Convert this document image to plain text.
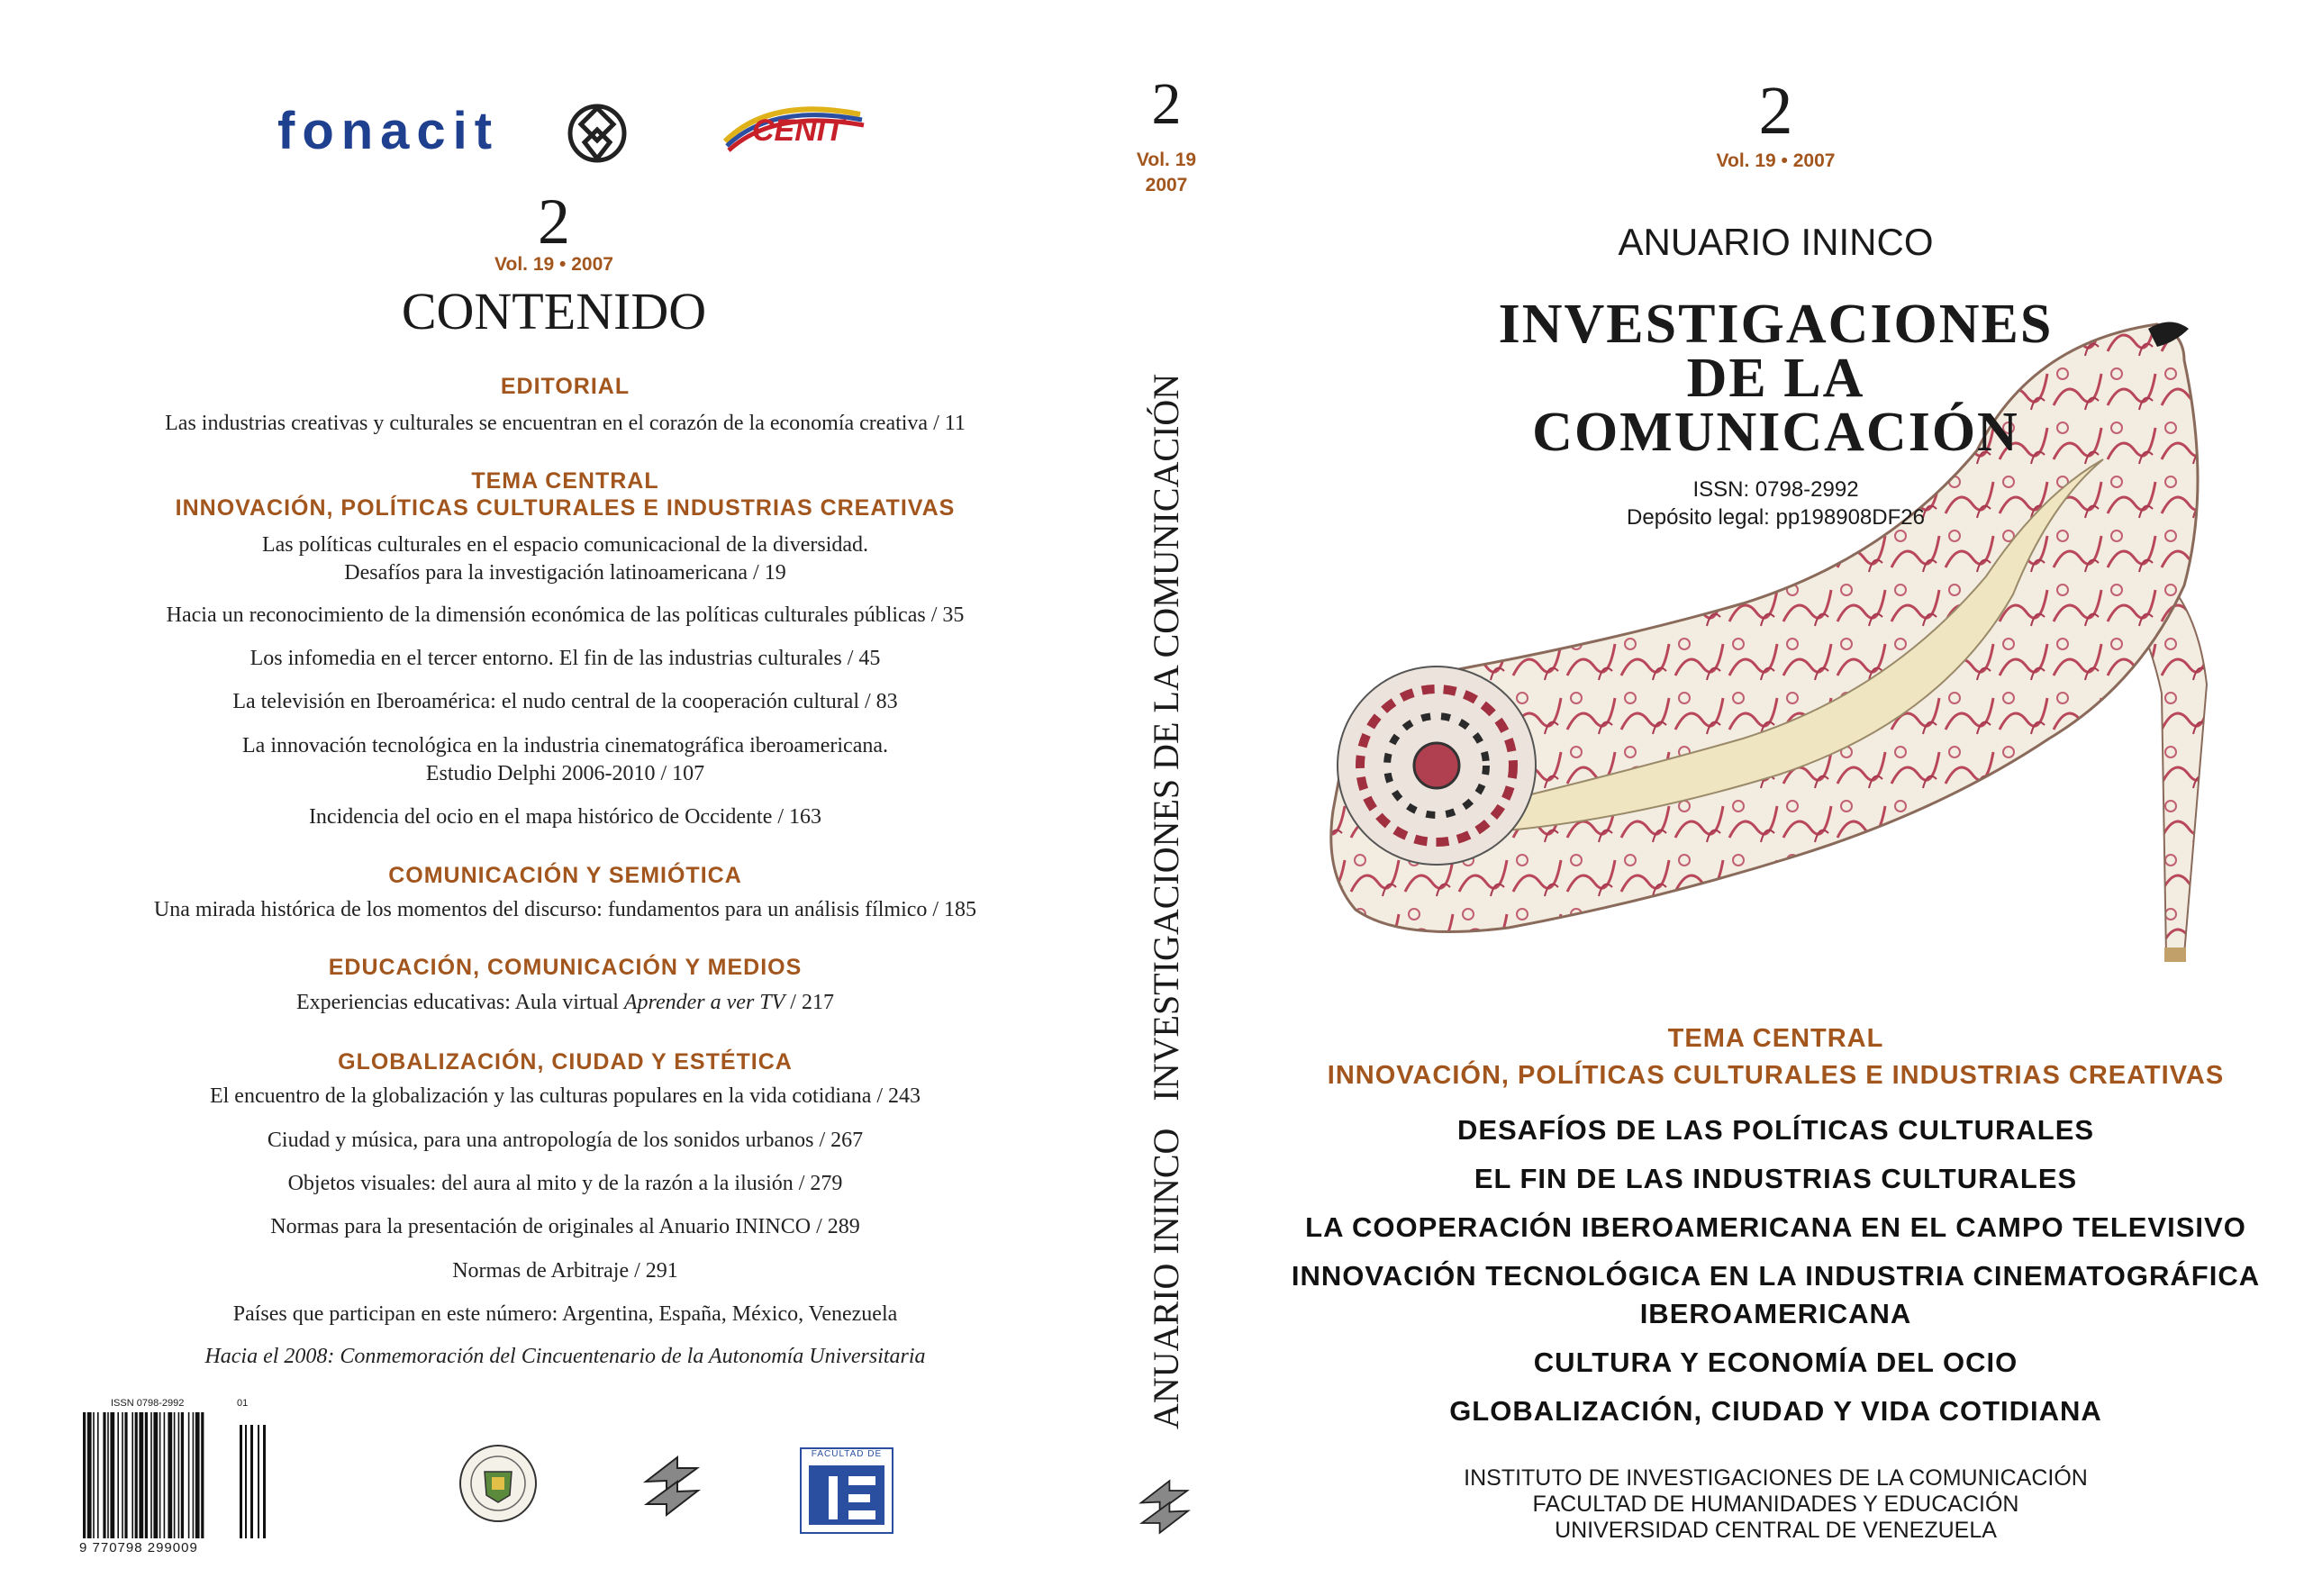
fonacit	CENIT
2
Vol. 19 • 2007
CONTENIDO
EDITORIAL
Las industrias creativas y culturales se encuentran en el corazón de la economía creativa / 11
TEMA CENTRAL
INNOVACIÓN, POLÍTICAS CULTURALES E INDUSTRIAS CREATIVAS
Las políticas culturales en el espacio comunicacional de la diversidad.
Desafíos para la investigación latinoamericana / 19
Hacia un reconocimiento de la dimensión económica de las políticas culturales públicas / 35
Los infomedia en el tercer entorno. El fin de las industrias culturales / 45
La televisión en Iberoamérica: el nudo central de la cooperación cultural / 83
La innovación tecnológica en la industria cinematográfica iberoamericana.
Estudio Delphi 2006-2010 / 107
Incidencia del ocio en el mapa histórico de Occidente / 163
COMUNICACIÓN Y SEMIÓTICA
Una mirada histórica de los momentos del discurso: fundamentos para un análisis fílmico / 185
EDUCACIÓN, COMUNICACIÓN Y MEDIOS
Experiencias educativas: Aula virtual Aprender a ver TV / 217
GLOBALIZACIÓN, CIUDAD Y ESTÉTICA
El encuentro de la globalización y las culturas populares en la vida cotidiana / 243
Ciudad y música, para una antropología de los sonidos urbanos / 267
Objetos visuales: del aura al mito y de la razón a la ilusión / 279
Normas para la presentación de originales al Anuario ININCO / 289
Normas de Arbitraje / 291
Países que participan en este número: Argentina, España, México, Venezuela
Hacia el 2008: Conmemoración del Cincuentenario de la Autonomía Universitaria
ISSN 0798-2992
9 770798 299009
01
FACULTAD DE
2
Vol. 19
2007
ANUARIO ININCO   INVESTIGACIONES DE LA COMUNICACIÓN
2
Vol. 19 • 2007
ANUARIO ININCO
INVESTIGACIONES
DE LA
COMUNICACIÓN
ISSN: 0798-2992
Depósito legal: pp198908DF26
TEMA CENTRAL
INNOVACIÓN, POLÍTICAS CULTURALES E INDUSTRIAS CREATIVAS
DESAFÍOS DE LAS POLÍTICAS CULTURALES
EL FIN DE LAS INDUSTRIAS CULTURALES
LA COOPERACIÓN IBEROAMERICANA EN EL CAMPO TELEVISIVO
INNOVACIÓN TECNOLÓGICA EN LA INDUSTRIA CINEMATOGRÁFICA
IBEROAMERICANA
CULTURA Y ECONOMÍA DEL OCIO
GLOBALIZACIÓN, CIUDAD Y VIDA COTIDIANA
INSTITUTO DE INVESTIGACIONES DE LA COMUNICACIÓN
FACULTAD DE HUMANIDADES Y EDUCACIÓN
UNIVERSIDAD CENTRAL DE VENEZUELA
